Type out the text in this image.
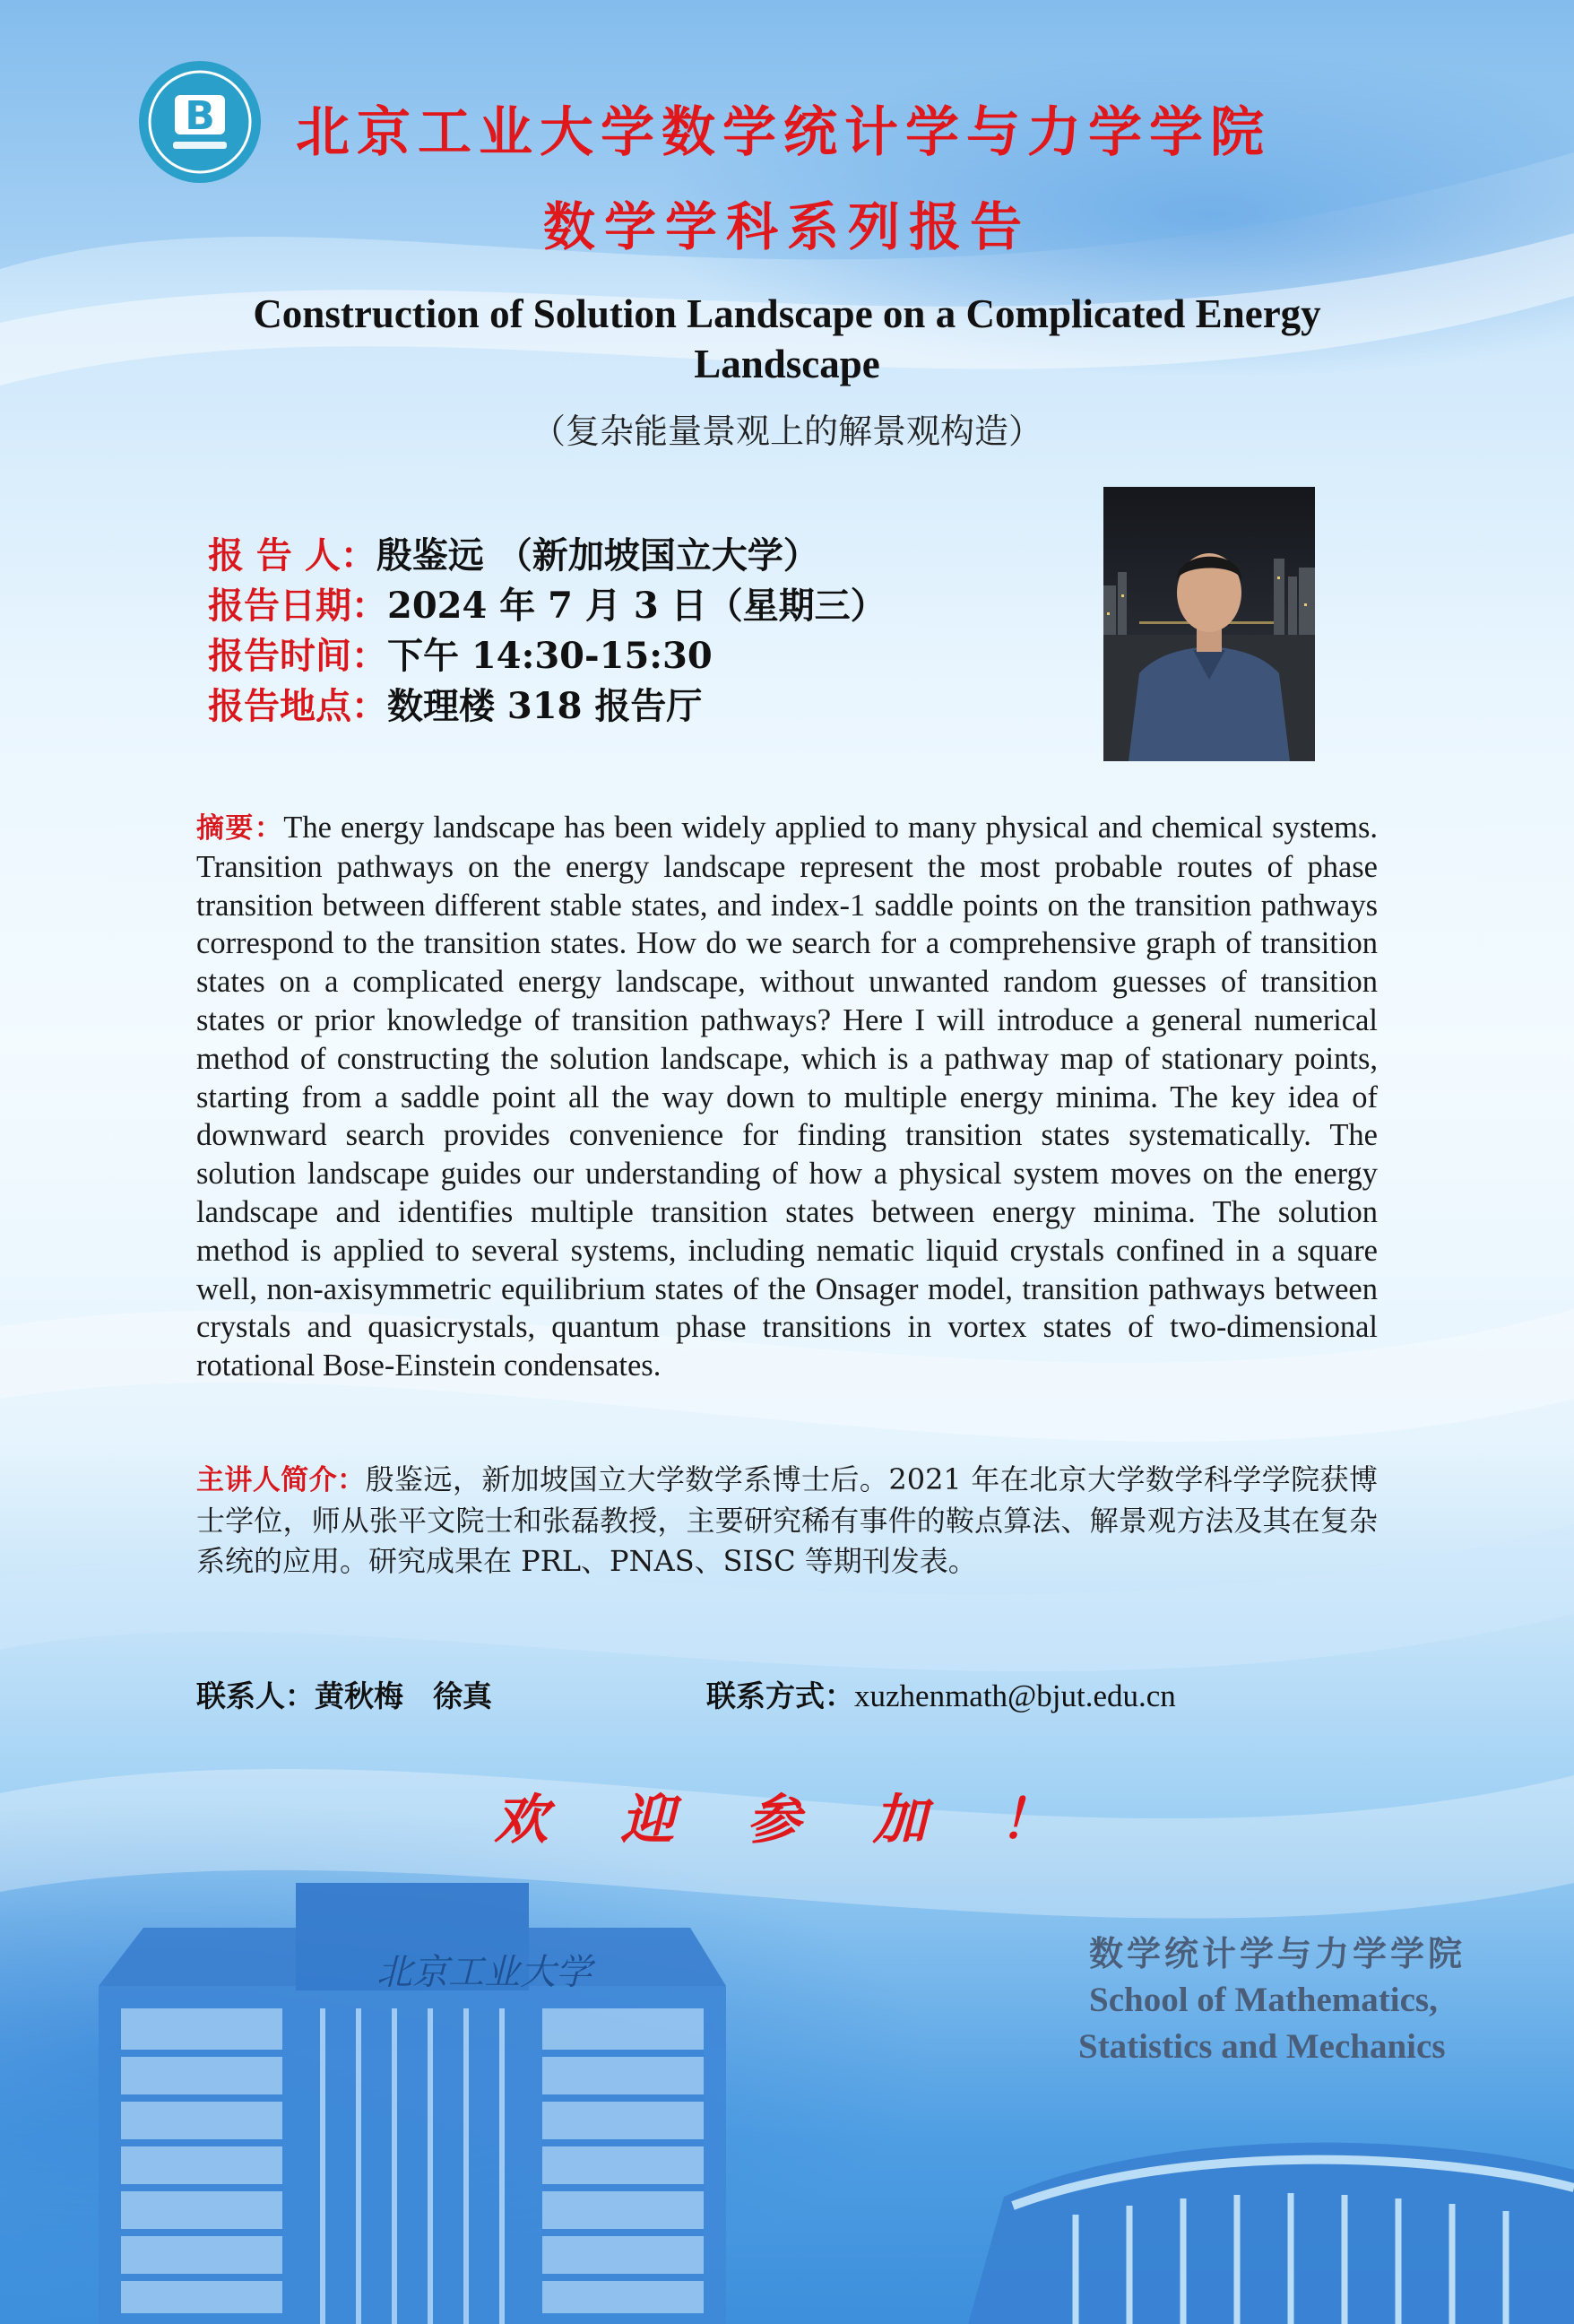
北京工业大学
B 北京工业大学数学统计学与力学学院
数学学科系列报告
Construction of Solution Landscape on a Complicated Energy Landscape
（复杂能量景观上的解景观构造）
报 告 人：殷鉴远 （新加坡国立大学）
报告日期：2024 年 7 月 3 日（星期三）
报告时间：下午 14:30-15:30
报告地点：数理楼 318 报告厅
摘要：The energy landscape has been widely applied to many physical and chemical systems. Transition pathways on the energy landscape represent the most probable routes of phase transition between different stable states, and index-1 saddle points on the transition pathways correspond to the transition states. How do we search for a comprehensive graph of transition states on a complicated energy landscape, without unwanted random guesses of transition states or prior knowledge of transition pathways? Here I will introduce a general numerical method of constructing the solution landscape, which is a pathway map of stationary points, starting from a saddle point all the way down to multiple energy minima. The key idea of downward search provides convenience for finding transition states systematically. The solution landscape guides our understanding of how a physical system moves on the energy landscape and identifies multiple transition states between energy minima. The solution method is applied to several systems, including nematic liquid crystals confined in a square well, non-axisymmetric equilibrium states of the Onsager model, transition pathways between crystals and quasicrystals, quantum phase transitions in vortex states of two-dimensional rotational Bose-Einstein condensates.
主讲人简介：殷鉴远，新加坡国立大学数学系博士后。2021 年在北京大学数学科学学院获博士学位，师从张平文院士和张磊教授，主要研究稀有事件的鞍点算法、解景观方法及其在复杂系统的应用。研究成果在 PRL、PNAS、SISC 等期刊发表。
联系人：黄秋梅　徐真	联系方式：xuzhenmath@bjut.edu.cn
欢 迎 参 加 ！
数学统计学与力学学院
School of Mathematics,
Statistics and Mechanics
